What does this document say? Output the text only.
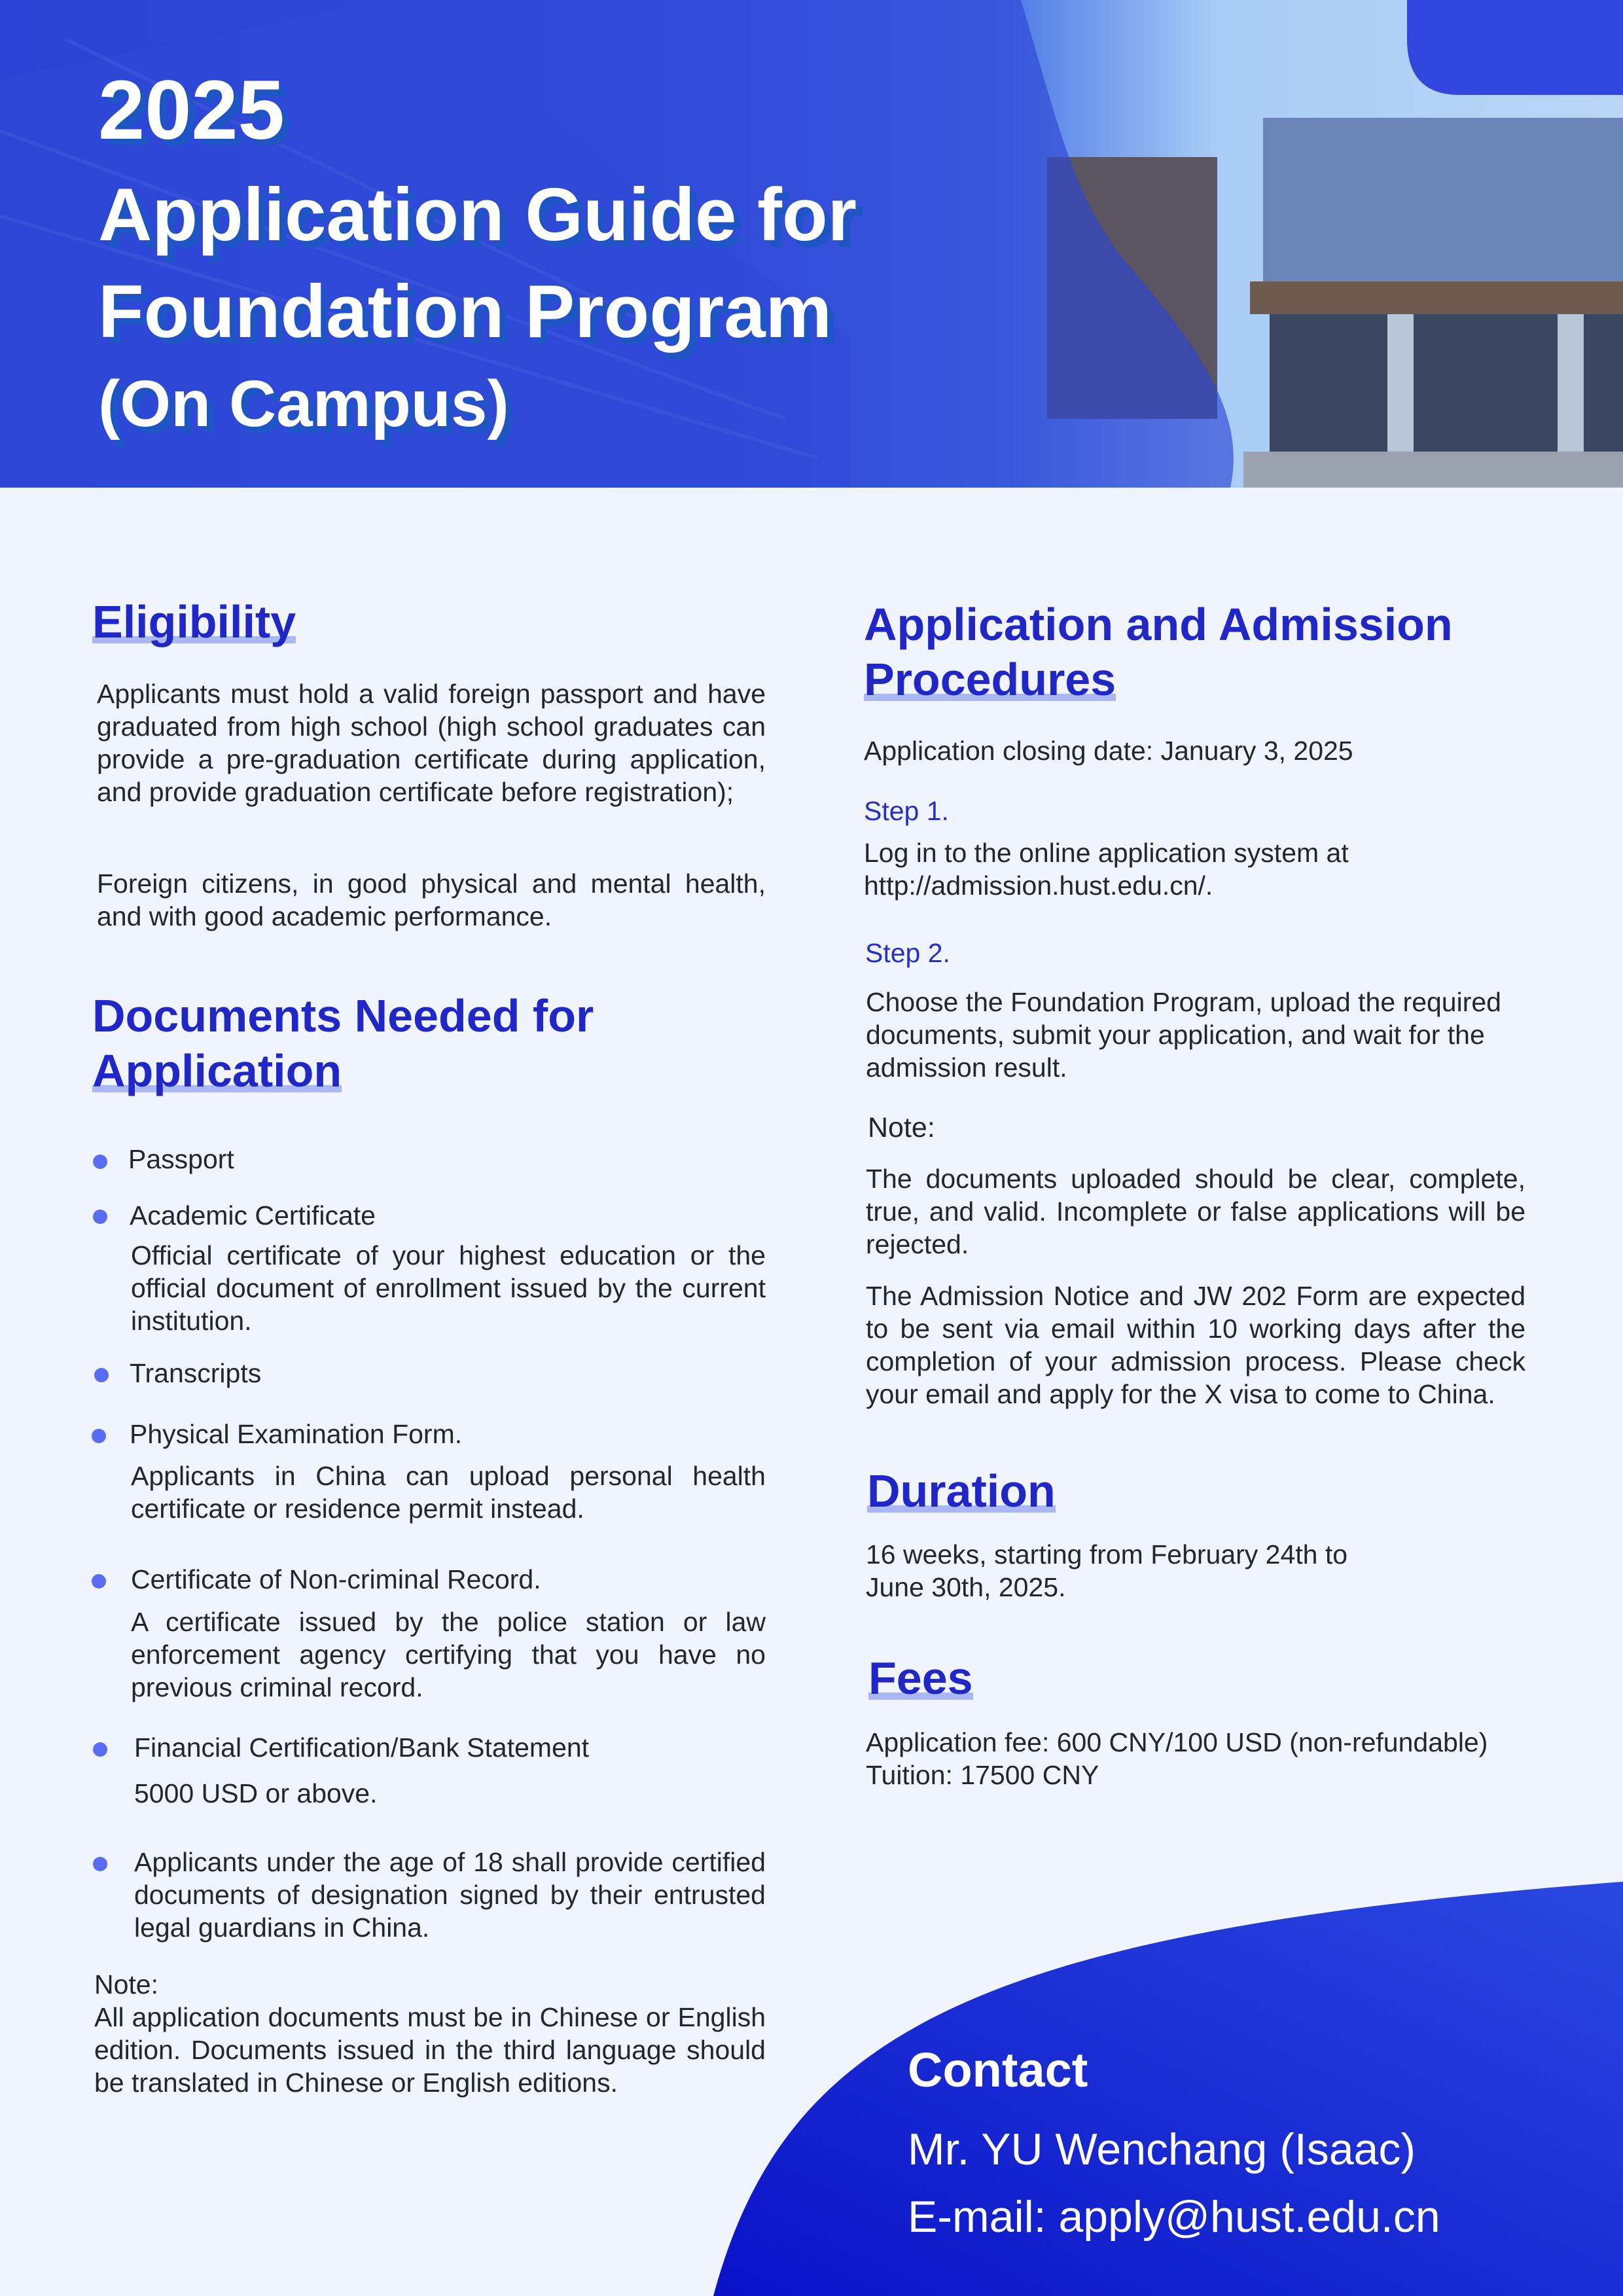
2025
Application Guide for
Foundation Program
(On Campus)
Eligibility
Applicants must hold a valid foreign passport and have graduated from high school (high school graduates can provide a pre-graduation certificate during application, and provide graduation certificate before registration);
Foreign citizens, in good physical and mental health, and with good academic performance.
Documents Needed for
Application
Passport
Academic Certificate
Official certificate of your highest education or the official document of enrollment issued by the current institution.
Transcripts
Physical Examination Form.
Applicants in China can upload personal health certificate or residence permit instead.
Certificate of Non-criminal Record.
A certificate issued by the police station or law enforcement agency certifying that you have no previous criminal record.
Financial Certification/Bank Statement
5000 USD or above.
Applicants under the age of 18 shall provide certified documents of designation signed by their entrusted legal guardians in China.
Note:
All application documents must be in Chinese or English edition. Documents issued in the third language should be translated in Chinese or English editions.
Application and Admission
Procedures
Application closing date: January 3, 2025
Step 1.
Log in to the online application system at http://admission.hust.edu.cn/.
Step 2.
Choose the Foundation Program, upload the required documents, submit your application, and wait for the admission result.
Note:
The documents uploaded should be clear, complete, true, and valid. Incomplete or false applications will be rejected.
The Admission Notice and JW 202 Form are expected to be sent via email within 10 working days after the completion of your admission process. Please check your email and apply for the X visa to come to China.
Duration
16 weeks, starting from February 24th to June 30th, 2025.
Fees
Application fee: 600 CNY/100 USD (non-refundable)
Tuition: 17500 CNY
Contact
Mr. YU Wenchang (Isaac)
E-mail: apply@hust.edu.cn
